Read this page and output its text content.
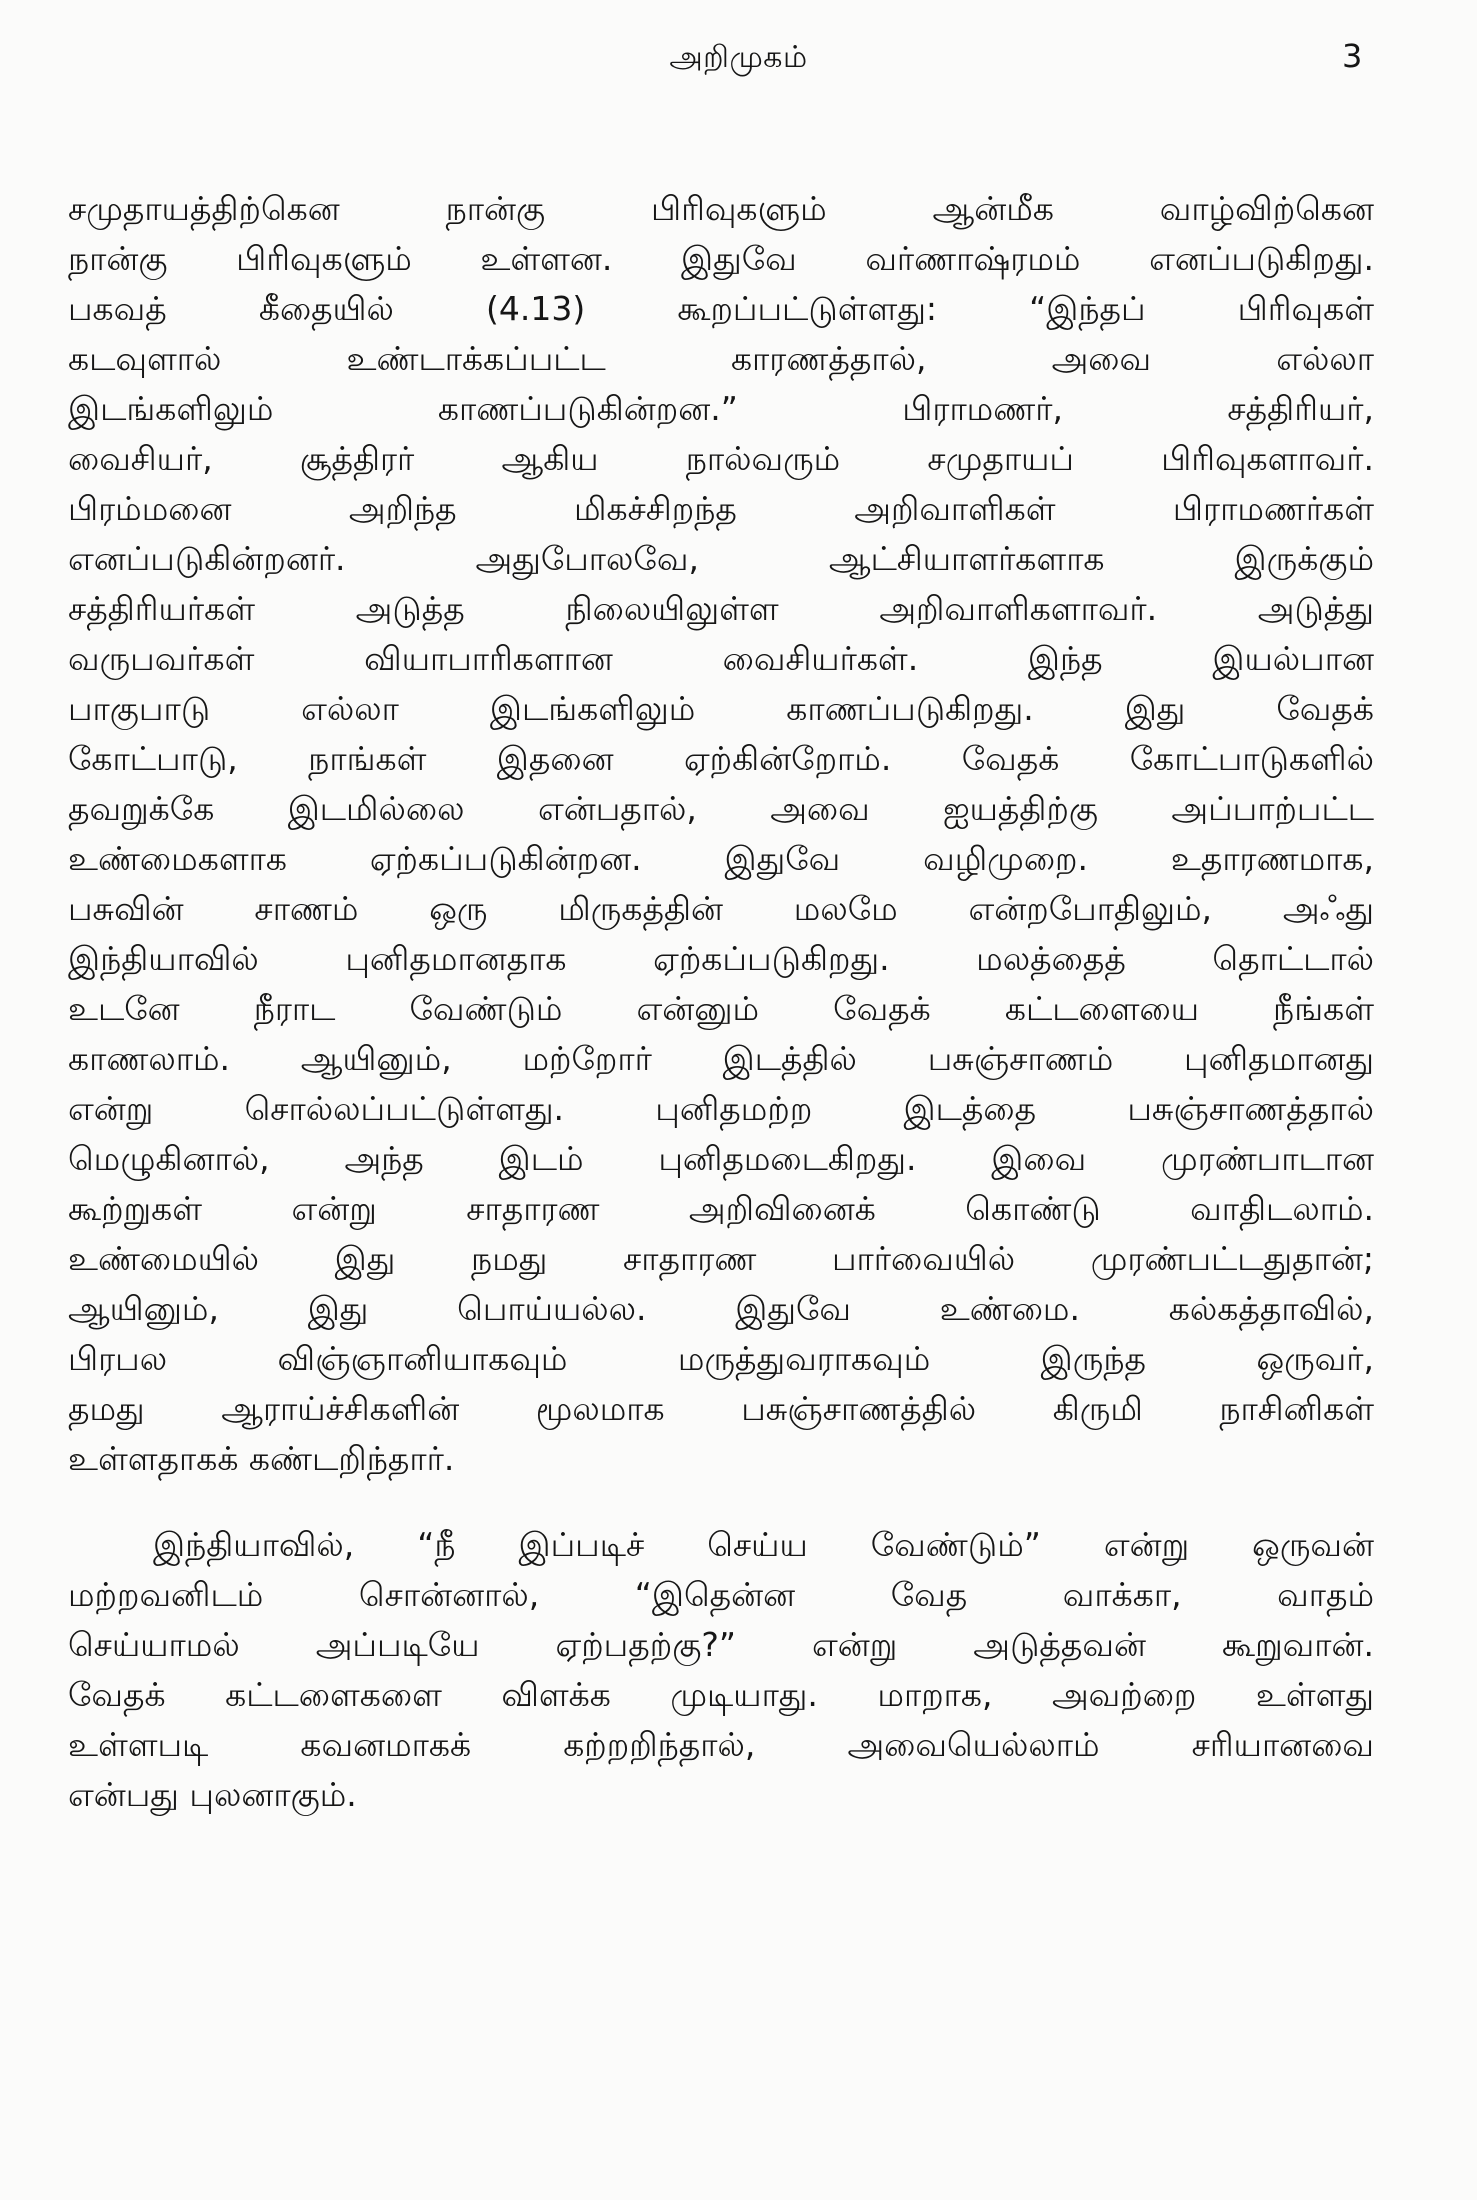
அறிமுகம்	3
சமுதாயத்திற்கென நான்கு பிரிவுகளும் ஆன்மீக வாழ்விற்கென
நான்கு பிரிவுகளும் உள்ளன. இதுவே வர்ணாஷ்ரமம் எனப்படுகிறது.
பகவத் கீதையில் (4.13) கூறப்பட்டுள்ளது: “இந்தப் பிரிவுகள்
கடவுளால் உண்டாக்கப்பட்ட காரணத்தால், அவை எல்லா
இடங்களிலும் காணப்படுகின்றன.” பிராமணர், சத்திரியர்,
வைசியர், சூத்திரர் ஆகிய நால்வரும் சமுதாயப் பிரிவுகளாவர்.
பிரம்மனை அறிந்த மிகச்சிறந்த அறிவாளிகள் பிராமணர்கள்
எனப்படுகின்றனர். அதுபோலவே, ஆட்சியாளர்களாக இருக்கும்
சத்திரியர்கள் அடுத்த நிலையிலுள்ள அறிவாளிகளாவர். அடுத்து
வருபவர்கள் வியாபாரிகளான வைசியர்கள். இந்த இயல்பான
பாகுபாடு எல்லா இடங்களிலும் காணப்படுகிறது. இது வேதக்
கோட்பாடு, நாங்கள் இதனை ஏற்கின்றோம். வேதக் கோட்பாடுகளில்
தவறுக்கே இடமில்லை என்பதால், அவை ஐயத்திற்கு அப்பாற்பட்ட
உண்மைகளாக ஏற்கப்படுகின்றன. இதுவே வழிமுறை. உதாரணமாக,
பசுவின் சாணம் ஒரு மிருகத்தின் மலமே என்றபோதிலும், அஃது
இந்தியாவில் புனிதமானதாக ஏற்கப்படுகிறது. மலத்தைத் தொட்டால்
உடனே நீராட வேண்டும் என்னும் வேதக் கட்டளையை நீங்கள்
காணலாம். ஆயினும், மற்றோர் இடத்தில் பசுஞ்சாணம் புனிதமானது
என்று சொல்லப்பட்டுள்ளது. புனிதமற்ற இடத்தை பசுஞ்சாணத்தால்
மெழுகினால், அந்த இடம் புனிதமடைகிறது. இவை முரண்பாடான
கூற்றுகள் என்று சாதாரண அறிவினைக் கொண்டு வாதிடலாம்.
உண்மையில் இது நமது சாதாரண பார்வையில் முரண்பட்டதுதான்;
ஆயினும், இது பொய்யல்ல. இதுவே உண்மை. கல்கத்தாவில்,
பிரபல விஞ்ஞானியாகவும் மருத்துவராகவும் இருந்த ஒருவர்,
தமது ஆராய்ச்சிகளின் மூலமாக பசுஞ்சாணத்தில் கிருமி நாசினிகள்
உள்ளதாகக் கண்டறிந்தார்.
இந்தியாவில், “நீ இப்படிச் செய்ய வேண்டும்” என்று ஒருவன்
மற்றவனிடம் சொன்னால், “இதென்ன வேத வாக்கா, வாதம்
செய்யாமல் அப்படியே ஏற்பதற்கு?” என்று அடுத்தவன் கூறுவான்.
வேதக் கட்டளைகளை விளக்க முடியாது. மாறாக, அவற்றை உள்ளது
உள்ளபடி கவனமாகக் கற்றறிந்தால், அவையெல்லாம் சரியானவை
என்பது புலனாகும்.
